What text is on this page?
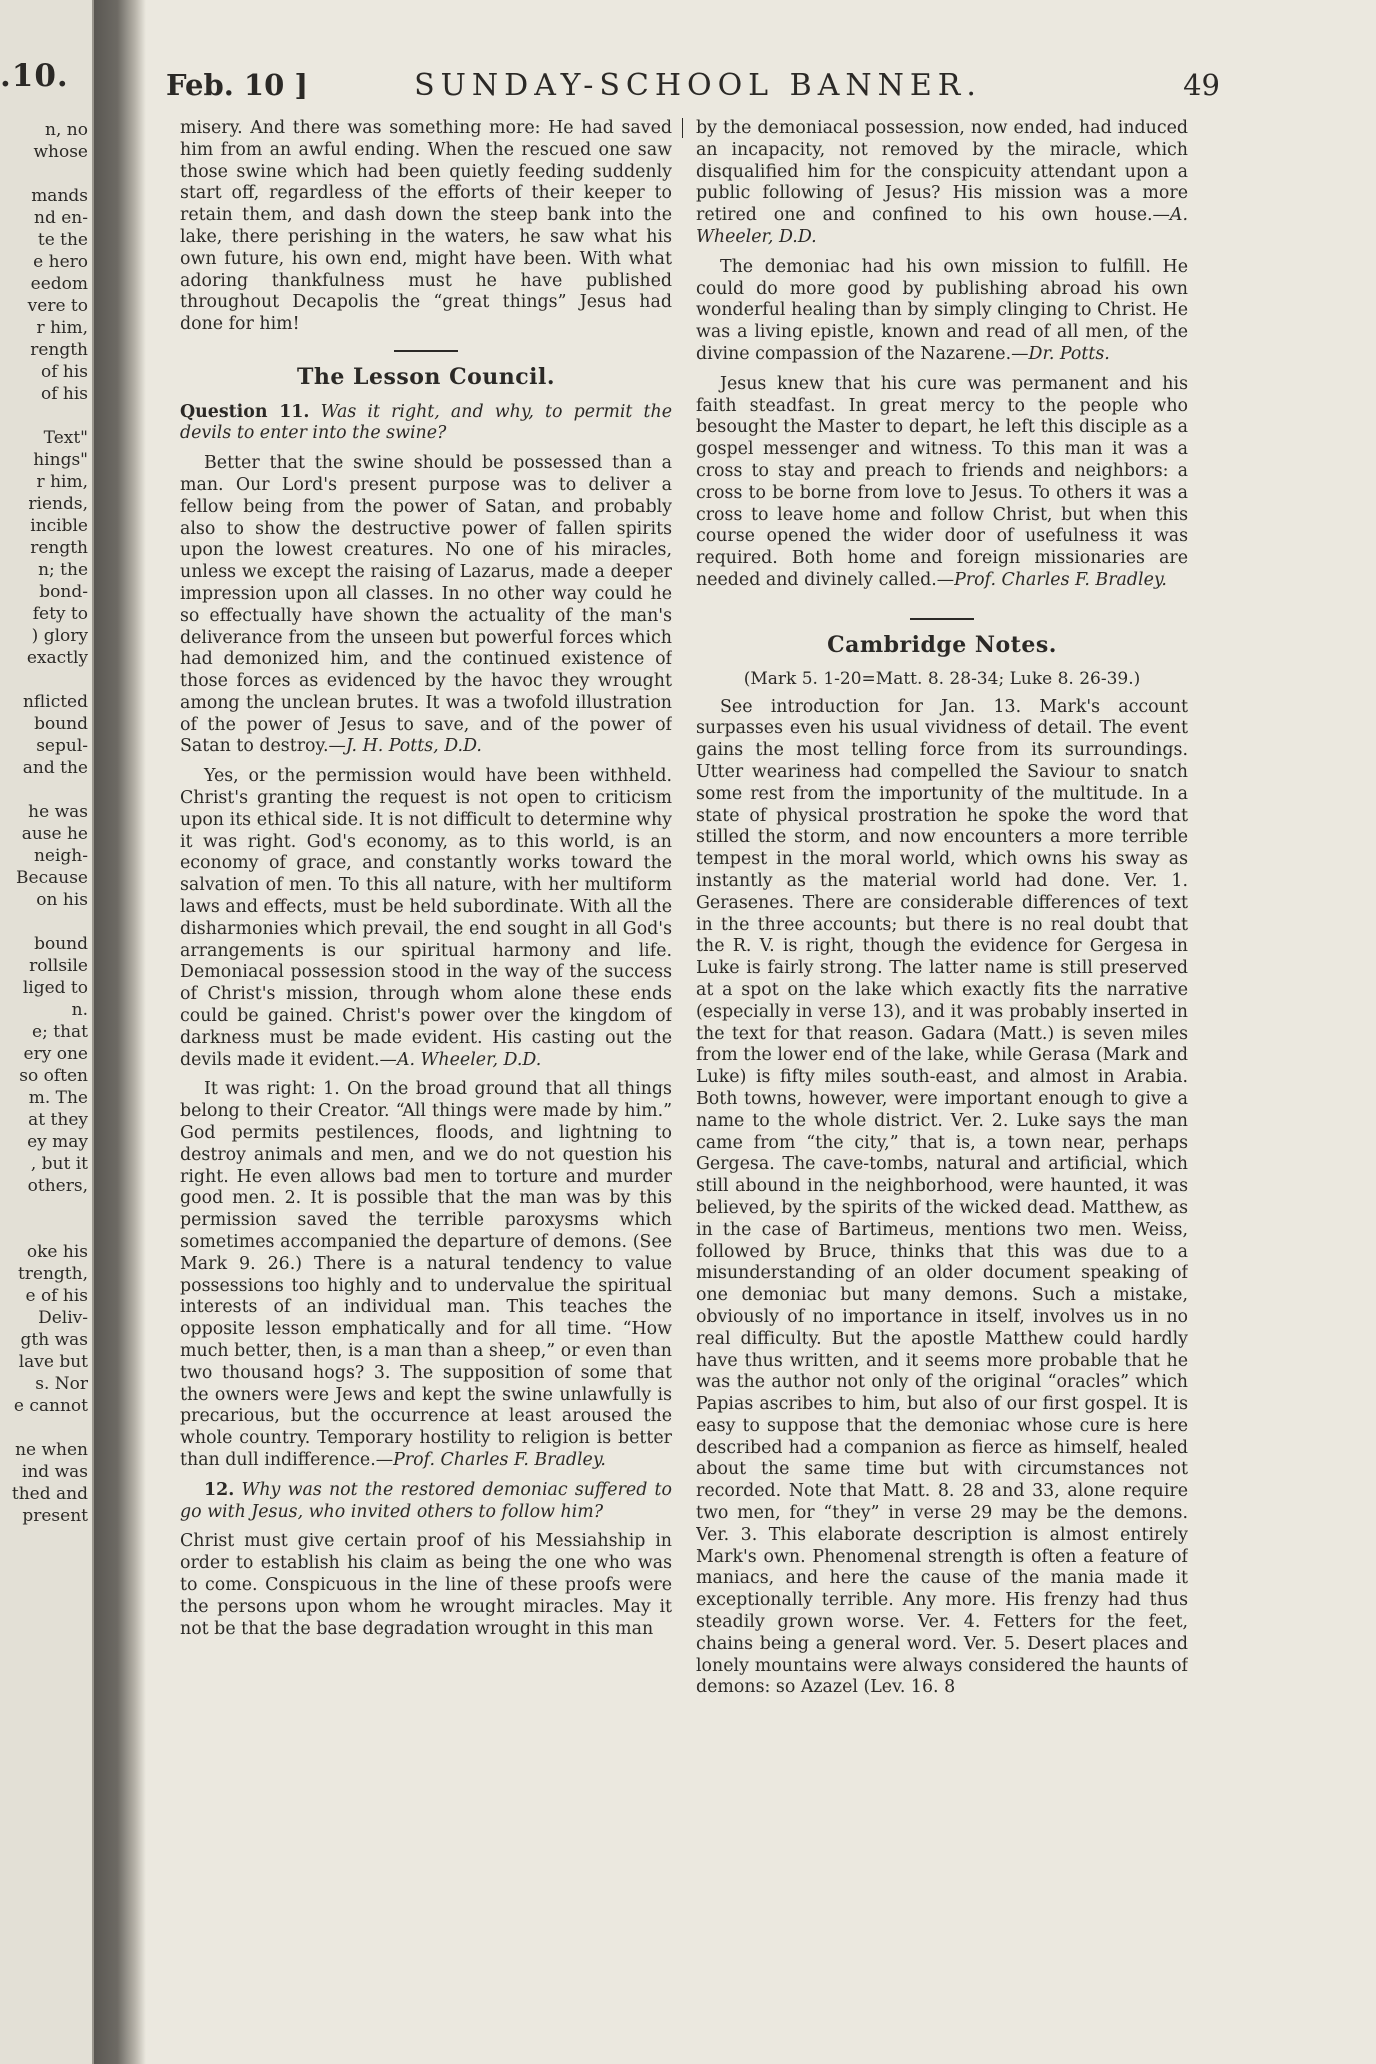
.10.
n, no
whose
mands
nd en-
te the
e hero
eedom
vere to
r him,
rength
of his
of his
Text"
hings"
r him,
riends,
incible
rength
n; the
bond-
fety to
) glory
exactly
nflicted
bound
sepul-
and the
he was
ause he
neigh-
Because
on his
bound
rollsile
liged to
n.
e; that
ery one
so often
m. The
at they
ey may
, but it
others,
oke his
trength,
e of his
Deliv-
gth was
lave but
s. Nor
e cannot
ne when
ind was
thed and
present
Feb. 10 ]	SUNDAY-SCHOOL BANNER.	49

misery. And there was something more: He had saved him from an awful ending. When the rescued one saw those swine which had been quietly feeding suddenly start off, regardless of the efforts of their keeper to retain them, and dash down the steep bank into the lake, there perishing in the waters, he saw what his own future, his own end, might have been. With what adoring thankfulness must he have published throughout Decapolis the “great things” Jesus had done for him!

The Lesson Council.

Question 11. Was it right, and why, to permit the devils to enter into the swine?

Better that the swine should be possessed than a man. Our Lord's present purpose was to deliver a fellow being from the power of Satan, and probably also to show the destructive power of fallen spirits upon the lowest creatures. No one of his miracles, unless we except the raising of Lazarus, made a deeper impression upon all classes. In no other way could he so effectually have shown the actuality of the man's deliverance from the unseen but powerful forces which had demonized him, and the continued existence of those forces as evidenced by the havoc they wrought among the unclean brutes. It was a twofold illustration of the power of Jesus to save, and of the power of Satan to destroy.—J. H. Potts, D.D.

Yes, or the permission would have been withheld. Christ's granting the request is not open to criticism upon its ethical side. It is not difficult to determine why it was right. God's economy, as to this world, is an economy of grace, and constantly works toward the salvation of men. To this all nature, with her multiform laws and effects, must be held subordinate. With all the disharmonies which prevail, the end sought in all God's arrangements is our spiritual harmony and life. Demoniacal possession stood in the way of the success of Christ's mission, through whom alone these ends could be gained. Christ's power over the kingdom of darkness must be made evident. His casting out the devils made it evident.—A. Wheeler, D.D.

It was right: 1. On the broad ground that all things belong to their Creator. “All things were made by him.” God permits pestilences, floods, and lightning to destroy animals and men, and we do not question his right. He even allows bad men to torture and murder good men. 2. It is possible that the man was by this permission saved the terrible paroxysms which sometimes accompanied the departure of demons. (See Mark 9. 26.) There is a natural tendency to value possessions too highly and to undervalue the spiritual interests of an individual man. This teaches the opposite lesson emphatically and for all time. “How much better, then, is a man than a sheep,” or even than two thousand hogs? 3. The supposition of some that the owners were Jews and kept the swine unlawfully is precarious, but the occurrence at least aroused the whole country. Temporary hostility to religion is better than dull indifference.—Prof. Charles F. Bradley.

12. Why was not the restored demoniac suffered to go with Jesus, who invited others to follow him?

Christ must give certain proof of his Messiahship in order to establish his claim as being the one who was to come. Conspicuous in the line of these proofs were the persons upon whom he wrought miracles. May it not be that the base degradation wrought in this man

by the demoniacal possession, now ended, had induced an incapacity, not removed by the miracle, which disqualified him for the conspicuity attendant upon a public following of Jesus? His mission was a more retired one and confined to his own house.—A. Wheeler, D.D.

The demoniac had his own mission to fulfill. He could do more good by publishing abroad his own wonderful healing than by simply clinging to Christ. He was a living epistle, known and read of all men, of the divine compassion of the Nazarene.—Dr. Potts.

Jesus knew that his cure was permanent and his faith steadfast. In great mercy to the people who besought the Master to depart, he left this disciple as a gospel messenger and witness. To this man it was a cross to stay and preach to friends and neighbors: a cross to be borne from love to Jesus. To others it was a cross to leave home and follow Christ, but when this course opened the wider door of usefulness it was required. Both home and foreign missionaries are needed and divinely called.—Prof. Charles F. Bradley.

Cambridge Notes.
(Mark 5. 1-20=Matt. 8. 28-34; Luke 8. 26-39.)

See introduction for Jan. 13. Mark's account surpasses even his usual vividness of detail. The event gains the most telling force from its surroundings. Utter weariness had compelled the Saviour to snatch some rest from the importunity of the multitude. In a state of physical prostration he spoke the word that stilled the storm, and now encounters a more terrible tempest in the moral world, which owns his sway as instantly as the material world had done. Ver. 1. Gerasenes. There are considerable differences of text in the three accounts; but there is no real doubt that the R. V. is right, though the evidence for Gergesa in Luke is fairly strong. The latter name is still preserved at a spot on the lake which exactly fits the narrative (especially in verse 13), and it was probably inserted in the text for that reason. Gadara (Matt.) is seven miles from the lower end of the lake, while Gerasa (Mark and Luke) is fifty miles south-east, and almost in Arabia. Both towns, however, were important enough to give a name to the whole district. Ver. 2. Luke says the man came from “the city,” that is, a town near, perhaps Gergesa. The cave-tombs, natural and artificial, which still abound in the neighborhood, were haunted, it was believed, by the spirits of the wicked dead. Matthew, as in the case of Bartimeus, mentions two men. Weiss, followed by Bruce, thinks that this was due to a misunderstanding of an older document speaking of one demoniac but many demons. Such a mistake, obviously of no importance in itself, involves us in no real difficulty. But the apostle Matthew could hardly have thus written, and it seems more probable that he was the author not only of the original “oracles” which Papias ascribes to him, but also of our first gospel. It is easy to suppose that the demoniac whose cure is here described had a companion as fierce as himself, healed about the same time but with circumstances not recorded. Note that Matt. 8. 28 and 33, alone require two men, for “they” in verse 29 may be the demons. Ver. 3. This elaborate description is almost entirely Mark's own. Phenomenal strength is often a feature of maniacs, and here the cause of the mania made it exceptionally terrible. Any more. His frenzy had thus steadily grown worse. Ver. 4. Fetters for the feet, chains being a general word. Ver. 5. Desert places and lonely mountains were always considered the haunts of demons: so Azazel (Lev. 16. 8
